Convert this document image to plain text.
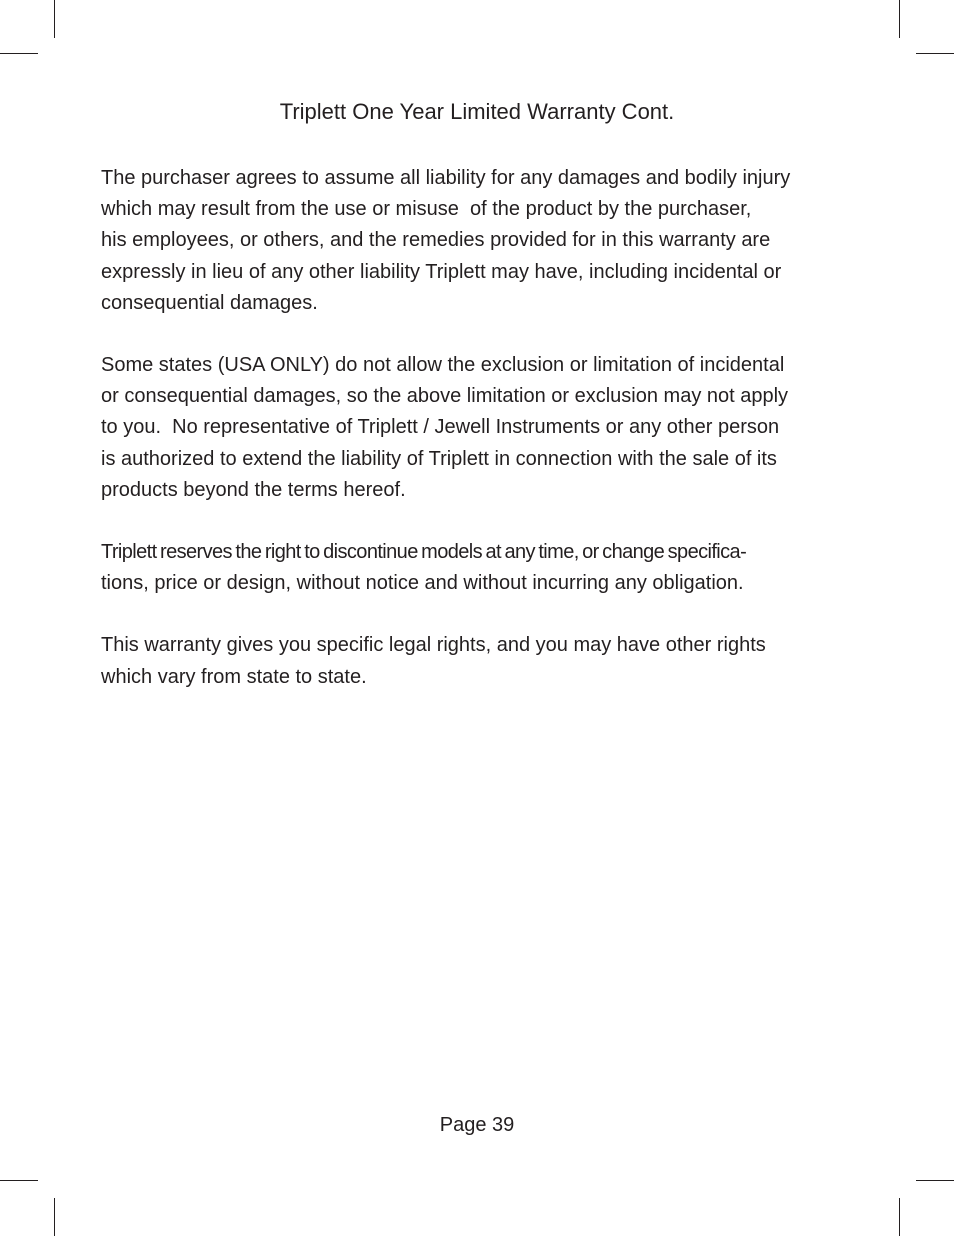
Triplett One Year Limited Warranty Cont.

The purchaser agrees to assume all liability for any damages and bodily injury
which may result from the use or misuse  of the product by the purchaser,
his employees, or others, and the remedies provided for in this warranty are
expressly in lieu of any other liability Triplett may have, including incidental or
consequential damages.

Some states (USA ONLY) do not allow the exclusion or limitation of incidental
or consequential damages, so the above limitation or exclusion may not apply
to you.  No representative of Triplett / Jewell Instruments or any other person
is authorized to extend the liability of Triplett in connection with the sale of its
products beyond the terms hereof.

Triplett reserves the right to discontinue models at any time, or change specifica-
tions, price or design, without notice and without incurring any obligation.

This warranty gives you specific legal rights, and you may have other rights
which vary from state to state.

Page 39
